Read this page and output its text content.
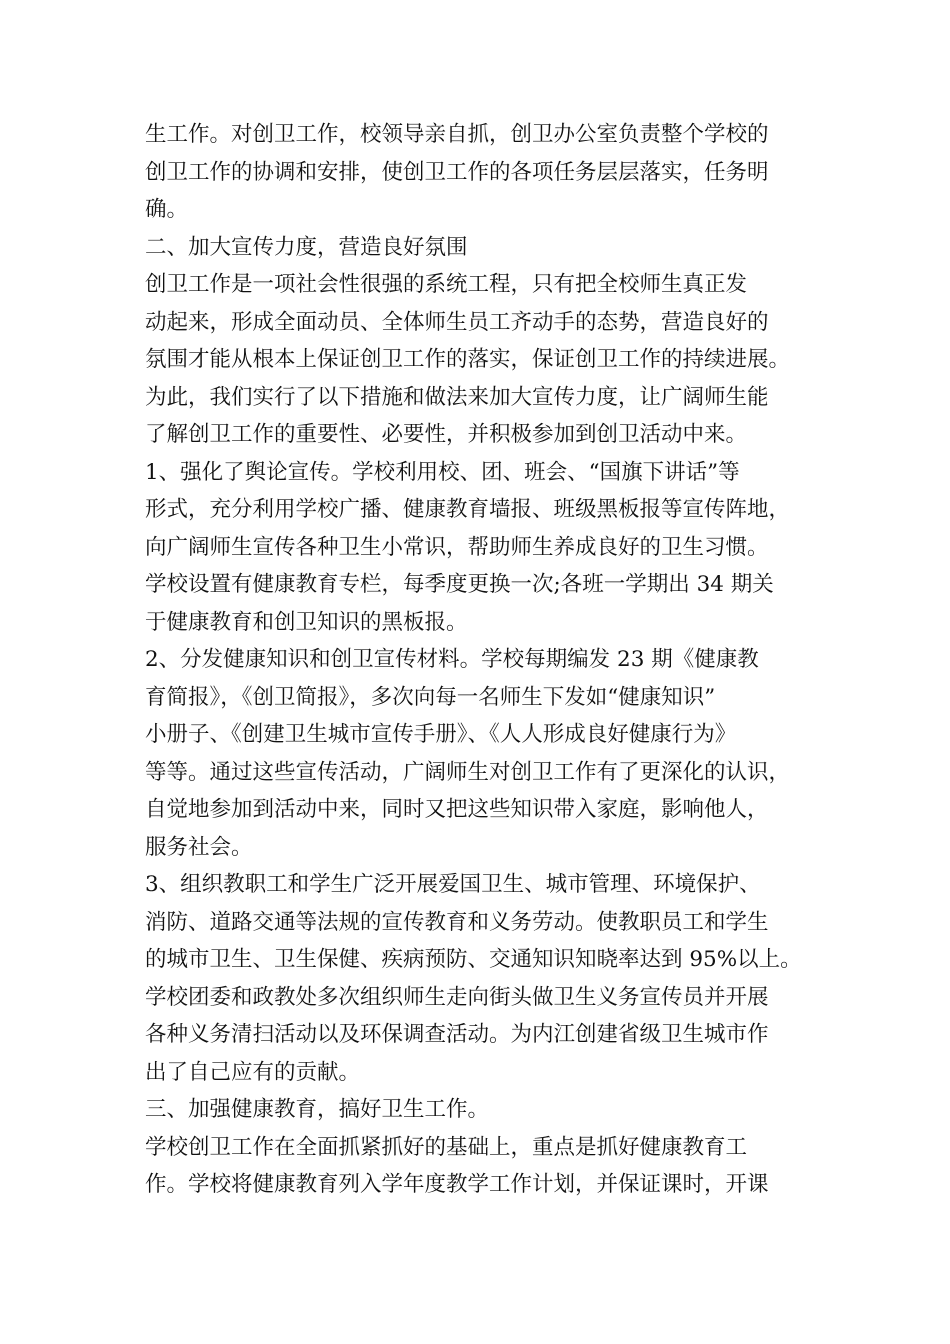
生工作。对创卫工作，校领导亲自抓，创卫办公室负责整个学校的
创卫工作的协调和安排，使创卫工作的各项任务层层落实，任务明
确。
二、加大宣传力度，营造良好氛围
创卫工作是一项社会性很强的系统工程，只有把全校师生真正发
动起来，形成全面动员、全体师生员工齐动手的态势，营造良好的
氛围才能从根本上保证创卫工作的落实，保证创卫工作的持续进展。
为此，我们实行了以下措施和做法来加大宣传力度，让广阔师生能
了解创卫工作的重要性、必要性，并积极参加到创卫活动中来。
1、强化了舆论宣传。学校利用校、团、班会、“国旗下讲话”等
形式，充分利用学校广播、健康教育墙报、班级黑板报等宣传阵地，
向广阔师生宣传各种卫生小常识，帮助师生养成良好的卫生习惯。
学校设置有健康教育专栏，每季度更换一次;各班一学期出 34 期关
于健康教育和创卫知识的黑板报。
2、分发健康知识和创卫宣传材料。学校每期编发 23 期《健康教
育简报》，《创卫简报》，多次向每一名师生下发如“健康知识”
小册子、《创建卫生城市宣传手册》、《人人形成良好健康行为》
等等。通过这些宣传活动，广阔师生对创卫工作有了更深化的认识，
自觉地参加到活动中来，同时又把这些知识带入家庭，影响他人，
服务社会。
3、组织教职工和学生广泛开展爱国卫生、城市管理、环境保护、
消防、道路交通等法规的宣传教育和义务劳动。使教职员工和学生
的城市卫生、卫生保健、疾病预防、交通知识知晓率达到 95%以上。
学校团委和政教处多次组织师生走向街头做卫生义务宣传员并开展
各种义务清扫活动以及环保调查活动。为内江创建省级卫生城市作
出了自己应有的贡献。
三、加强健康教育，搞好卫生工作。
学校创卫工作在全面抓紧抓好的基础上，重点是抓好健康教育工
作。学校将健康教育列入学年度教学工作计划，并保证课时，开课
